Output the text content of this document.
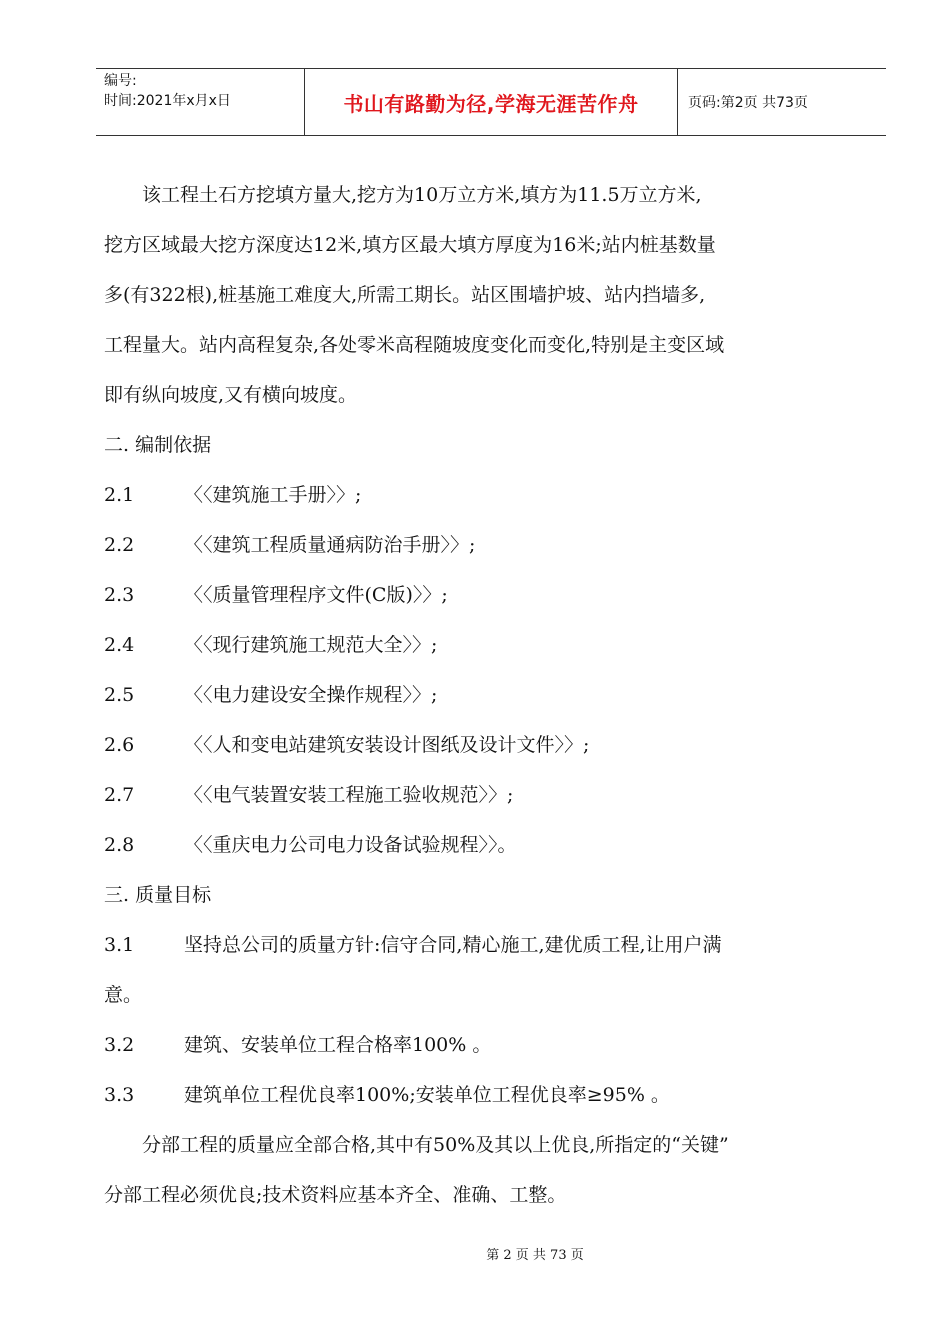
编号:
时间:2021年x月x日	书山有路勤为径,学海无涯苦作舟	页码:第2页 共73页
该工程土石方挖填方量大,挖方为10万立方米,填方为11.5万立方米,
挖方区域最大挖方深度达12米,填方区最大填方厚度为16米;站内桩基数量
多(有322根),桩基施工难度大,所需工期长。站区围墙护坡、站内挡墙多,
工程量大。站内高程复杂,各处零米高程随坡度变化而变化,特别是主变区域
即有纵向坡度,又有横向坡度。
二. 编制依据
2.1	〈〈建筑施工手册〉〉;
2.2	〈〈建筑工程质量通病防治手册〉〉;
2.3	〈〈质量管理程序文件(C版)〉〉;
2.4	〈〈现行建筑施工规范大全〉〉;
2.5	〈〈电力建设安全操作规程〉〉;
2.6	〈〈人和变电站建筑安装设计图纸及设计文件〉〉;
2.7	〈〈电气装置安装工程施工验收规范〉〉;
2.8	〈〈重庆电力公司电力设备试验规程〉〉。
三. 质量目标
3.1	坚持总公司的质量方针:信守合同,精心施工,建优质工程,让用户满
意。
3.2	建筑、安装单位工程合格率100% 。
3.3	建筑单位工程优良率100%;安装单位工程优良率≥95% 。
分部工程的质量应全部合格,其中有50%及其以上优良,所指定的“关键”
分部工程必须优良;技术资料应基本齐全、准确、工整。
第 2 页 共 73 页
